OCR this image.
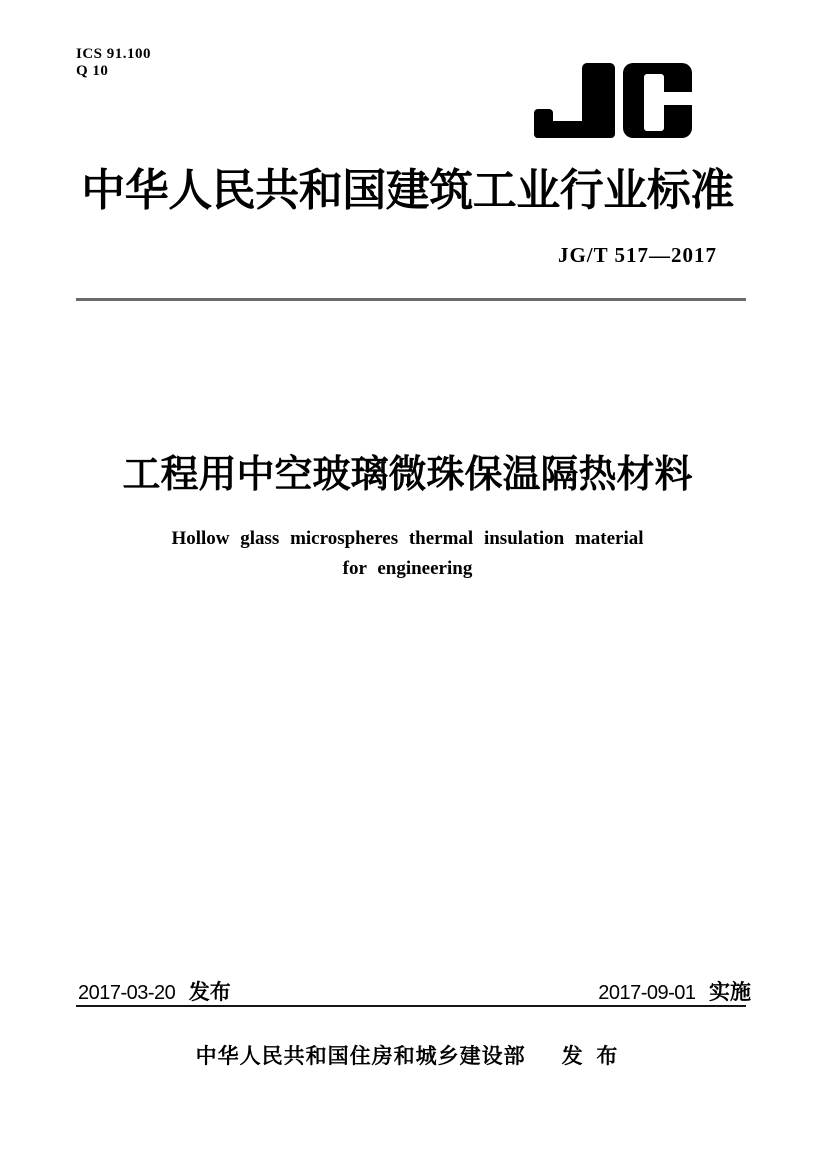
ICS 91.100
Q 10
中华人民共和国建筑工业行业标准
JG/T 517—2017
工程用中空玻璃微珠保温隔热材料
Hollow glass microspheres thermal insulation material
for engineering
2017-03-20 发布	2017-09-01 实施
中华人民共和国住房和城乡建设部 发 布
